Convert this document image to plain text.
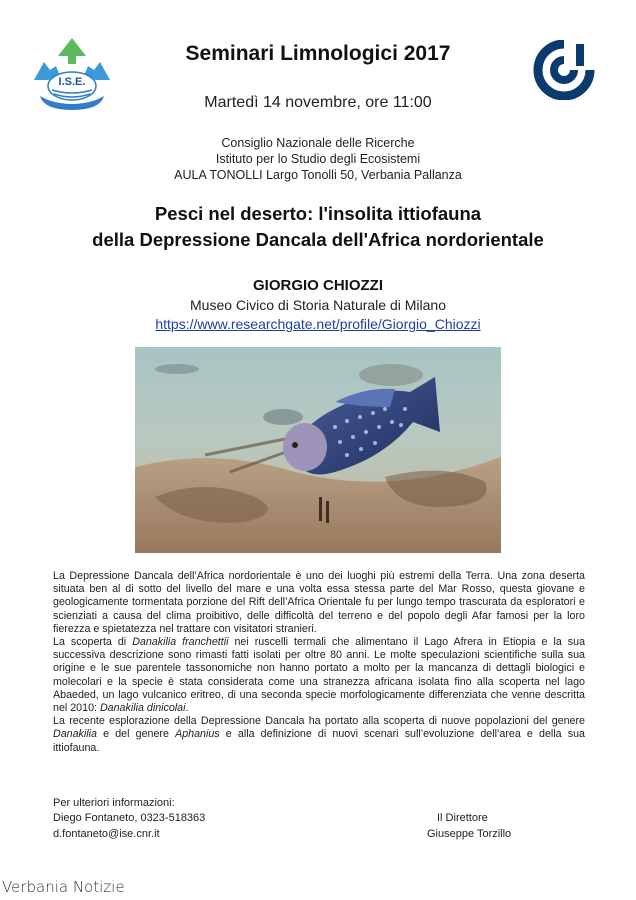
I.S.E.
Seminari Limnologici 2017
Martedì 14 novembre, ore 11:00
Consiglio Nazionale delle Ricerche
Istituto per lo Studio degli Ecosistemi
AULA TONOLLI Largo Tonolli 50, Verbania Pallanza
Pesci nel deserto: l'insolita ittiofauna
della Depressione Dancala dell'Africa nordorientale
GIORGIO CHIOZZI
Museo Civico di Storia Naturale di Milano
https://www.researchgate.net/profile/Giorgio_Chiozzi

La Depressione Dancala dell’Africa nordorientale è uno dei luoghi più estremi della Terra. Una zona deserta situata ben al di sotto del livello del mare e una volta essa stessa parte del Mar Rosso, questa giovane e geologicamente tormentata porzione del Rift dell’Africa Orientale fu per lungo tempo trascurata da esploratori e scienziati a causa del clima proibitivo, delle difficoltà del terreno e del popolo degli Afar famosi per la loro fierezza e spietatezza nel trattare con visitatori stranieri.

La scoperta di Danakilia franchettii nei ruscelli termali che alimentano il Lago Afrera in Etiopia e la sua successiva descrizione sono rimasti fatti isolati per oltre 80 anni. Le molte speculazioni scientifiche sulla sua origine e le sue parentele tassonomiche non hanno portato a molto per la mancanza di dettagli biologici e molecolari e la specie è stata considerata come una stranezza africana isolata fino alla scoperta nel lago Abaeded, un lago vulcanico eritreo, di una seconda specie morfologicamente differenziata che venne descritta nel 2010: Danakilia dinicolai.

La recente esplorazione della Depressione Dancala ha portato alla scoperta di nuove popolazioni del genere Danakilia e del genere Aphanius e alla definizione di nuovi scenari sull’evoluzione dell’area e della sua ittiofauna.

Per ulteriori informazioni:
Diego Fontaneto, 0323-518363
d.fontaneto@ise.cnr.it
Il Direttore
Giuseppe Torzillo
Verbania Notizie
